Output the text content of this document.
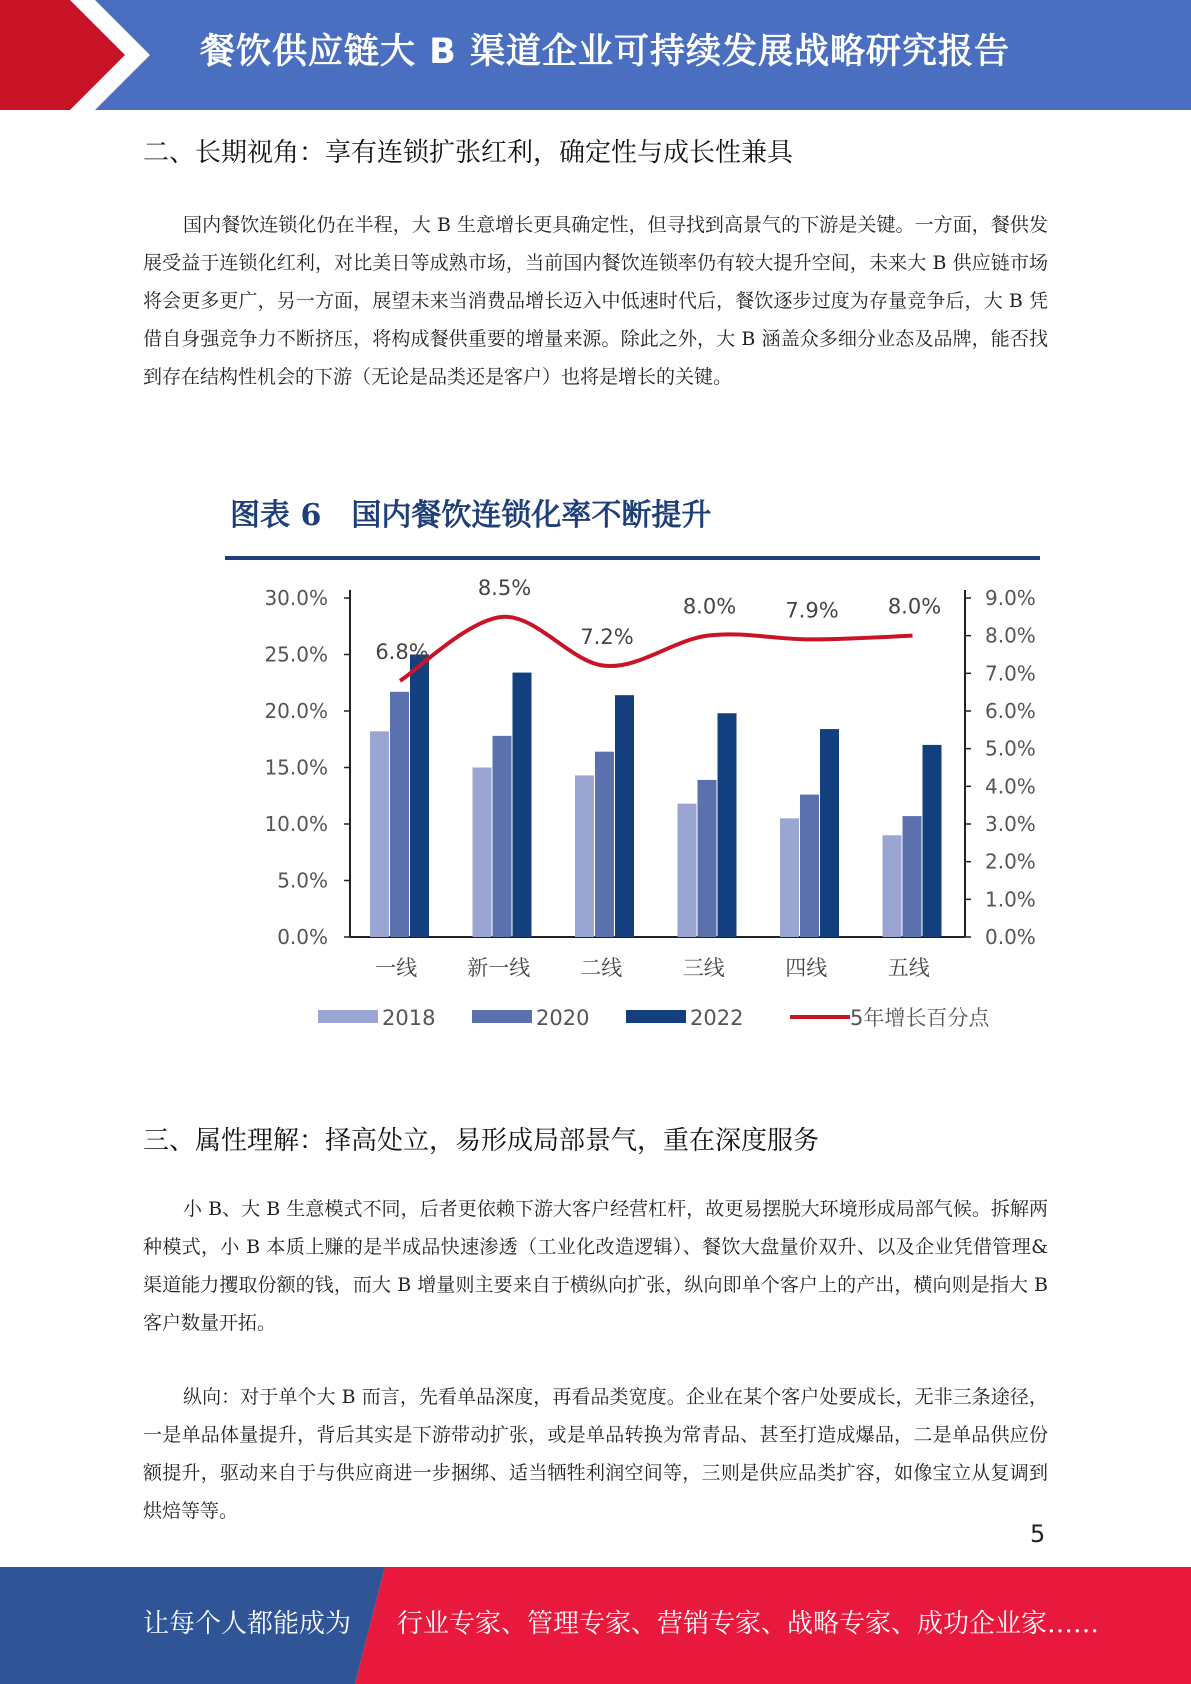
餐饮供应链大 B 渠道企业可持续发展战略研究报告
二、长期视角：享有连锁扩张红利，确定性与成长性兼具

国内餐饮连锁化仍在半程，大 B 生意增长更具确定性，但寻找到高景气的下游是关键。一方面，餐供发展受益于连锁化红利，对比美日等成熟市场，当前国内餐饮连锁率仍有较大提升空间，未来大 B 供应链市场将会更多更广，另一方面，展望未来当消费品增长迈入中低速时代后，餐饮逐步过度为存量竞争后，大 B 凭借自身强竞争力不断挤压，将构成餐供重要的增量来源。除此之外，大 B 涵盖众多细分业态及品牌，能否找到存在结构性机会的下游（无论是品类还是客户）也将是增长的关键。

图表 6　国内餐饮连锁化率不断提升
0.0%
5.0%
10.0%
15.0%
20.0%
25.0%
30.0%
0.0%
1.0%
2.0%
3.0%
4.0%
5.0%
6.0%
7.0%
8.0%
9.0%
一线 新一线 二线	三线	四线	五线
6.8%
8.5%
7.2%
8.0% 7.9% 8.0%
2018	2020	2022	5年增长百分点
三、属性理解：择高处立，易形成局部景气，重在深度服务

小 B、大 B 生意模式不同，后者更依赖下游大客户经营杠杆，故更易摆脱大环境形成局部气候。拆解两种模式，小 B 本质上赚的是半成品快速渗透（工业化改造逻辑）、餐饮大盘量价双升、以及企业凭借管理&渠道能力攫取份额的钱，而大 B 增量则主要来自于横纵向扩张，纵向即单个客户上的产出，横向则是指大 B 客户数量开拓。

纵向：对于单个大 B 而言，先看单品深度，再看品类宽度。企业在某个客户处要成长，无非三条途径，一是单品体量提升，背后其实是下游带动扩张，或是单品转换为常青品、甚至打造成爆品，二是单品供应份额提升，驱动来自于与供应商进一步捆绑、适当牺牲利润空间等，三则是供应品类扩容，如像宝立从复调到烘焙等等。

5
让每个人都能成为 行业专家、管理专家、营销专家、战略专家、成功企业家……
